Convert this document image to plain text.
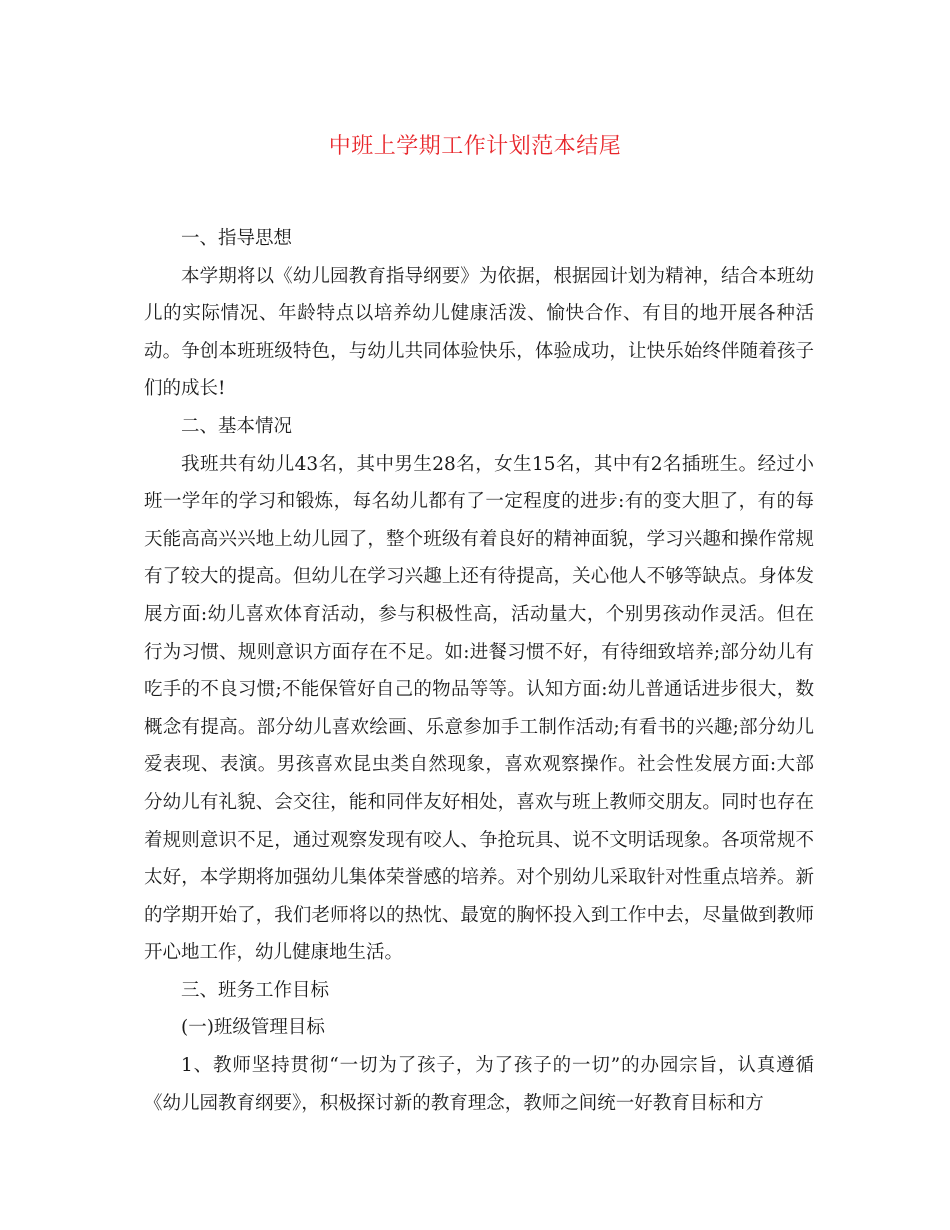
中班上学期工作计划范本结尾

一、指导思想

本学期将以《幼儿园教育指导纲要》为依据，根据园计划为精神，结合本班幼儿的实际情况、年龄特点以培养幼儿健康活泼、愉快合作、有目的地开展各种活动。争创本班班级特色，与幼儿共同体验快乐，体验成功，让快乐始终伴随着孩子们的成长!

二、基本情况

我班共有幼儿43名，其中男生28名，女生15名，其中有2名插班生。经过小班一学年的学习和锻炼，每名幼儿都有了一定程度的进步:有的变大胆了，有的每天能高高兴兴地上幼儿园了，整个班级有着良好的精神面貌，学习兴趣和操作常规有了较大的提高。但幼儿在学习兴趣上还有待提高，关心他人不够等缺点。身体发展方面:幼儿喜欢体育活动，参与积极性高，活动量大，个别男孩动作灵活。但在行为习惯、规则意识方面存在不足。如:进餐习惯不好，有待细致培养;部分幼儿有吃手的不良习惯;不能保管好自己的物品等等。认知方面:幼儿普通话进步很大，数概念有提高。部分幼儿喜欢绘画、乐意参加手工制作活动;有看书的兴趣;部分幼儿爱表现、表演。男孩喜欢昆虫类自然现象，喜欢观察操作。社会性发展方面:大部分幼儿有礼貌、会交往，能和同伴友好相处，喜欢与班上教师交朋友。同时也存在着规则意识不足，通过观察发现有咬人、争抢玩具、说不文明话现象。各项常规不太好，本学期将加强幼儿集体荣誉感的培养。对个别幼儿采取针对性重点培养。新的学期开始了，我们老师将以的热忱、最宽的胸怀投入到工作中去，尽量做到教师开心地工作，幼儿健康地生活。

三、班务工作目标

(一)班级管理目标

1、教师坚持贯彻“一切为了孩子，为了孩子的一切”的办园宗旨，认真遵循《幼儿园教育纲要》，积极探讨新的教育理念，教师之间统一好教育目标和方
